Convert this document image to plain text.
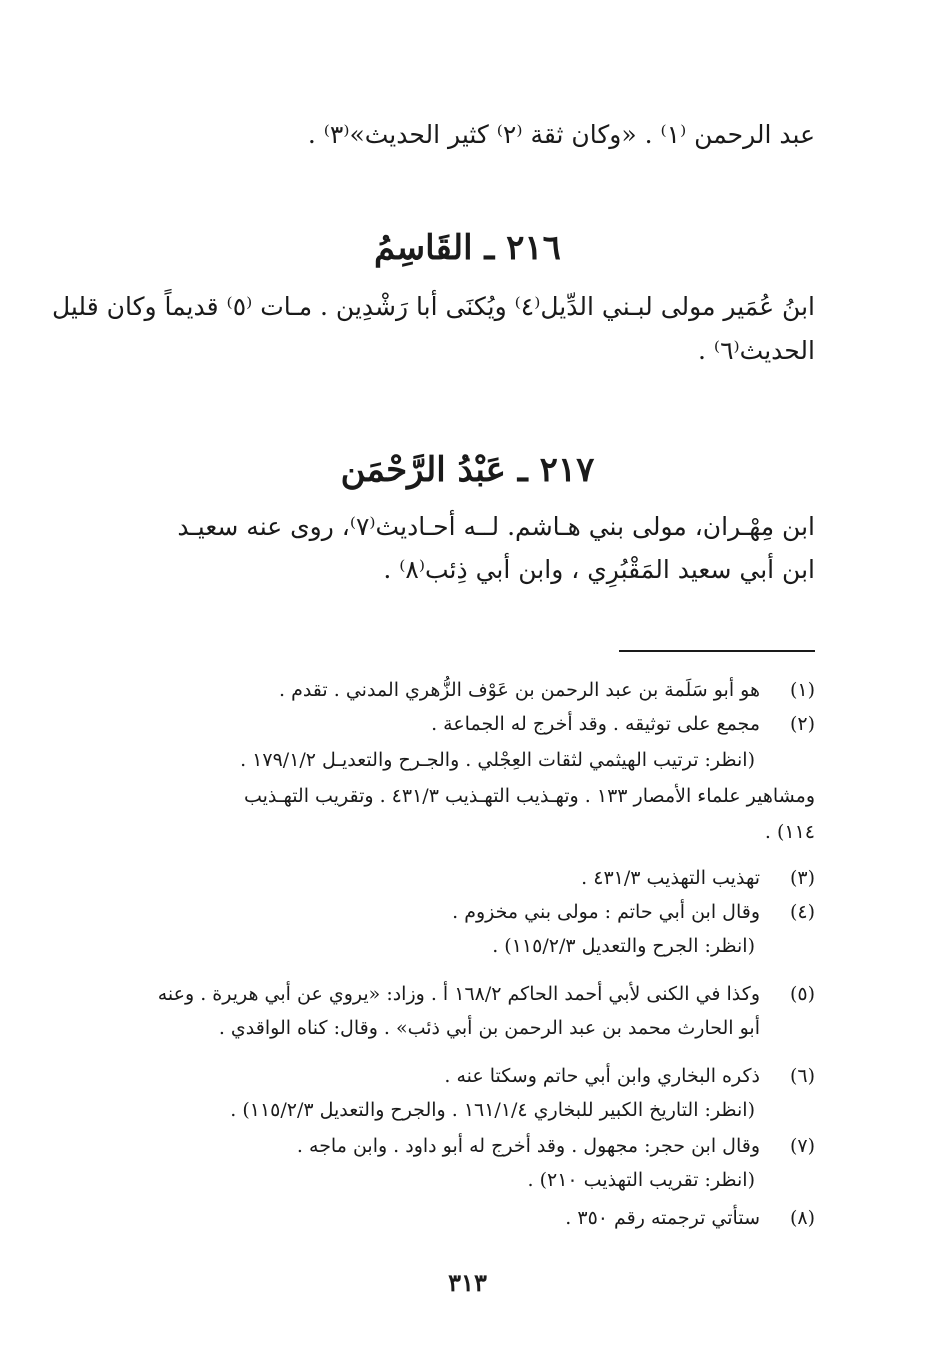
عبد الرحمن ⁽١⁾ . «وكان ثقة ⁽٢⁾ كثير الحديث»⁽٣⁾ .
٢١٦ ـ القَاسِمُ
ابنُ عُمَير مولى لبـني الدِّيل⁽٤⁾ ويُكنَى أبا رَشْدِين . مـات ⁽٥⁾ قديماً وكان قليل
الحديث⁽٦⁾ .
٢١٧ ـ عَبْدُ الرَّحْمَن
ابن مِهْـران، مولى بني هـاشم. لــه أحـاديث⁽٧⁾، روى عنه سعيـد
ابن أبي سعيد المَقْبُرِي ، وابن أبي ذِئب⁽٨⁾ .
(١)
هو أبو سَلَمة بن عبد الرحمن بن عَوْف الزُّهري المدني . تقدم .
(٢)
مجمع على توثيقه . وقد أخرج له الجماعة .
(انظر: ترتيب الهيثمي لثقات العِجْلي . والجـرح والتعديـل ١٧٩/١/٢ .
ومشاهير علماء الأمصار ١٣٣ . وتهـذيب التهـذيب ٤٣١/٣ . وتقريب التهـذيب
١١٤) .
(٣)
تهذيب التهذيب ٤٣١/٣ .
(٤)
وقال ابن أبي حاتم : مولى بني مخزوم .
(انظر: الجرح والتعديل ١١٥/٢/٣) .
(٥)
وكذا في الكنى لأبي أحمد الحاكم ١٦٨/٢ أ . وزاد: «يروي عن أبي هريرة . وعنه
أبو الحارث محمد بن عبد الرحمن بن أبي ذئب» . وقال: كناه الواقدي .
(٦)
ذكره البخاري وابن أبي حاتم وسكتا عنه .
(انظر: التاريخ الكبير للبخاري ١٦١/١/٤ . والجرح والتعديل ١١٥/٢/٣) .
(٧)
وقال ابن حجر: مجهول . وقد أخرج له أبو داود . وابن ماجه .
(انظر: تقريب التهذيب ٢١٠) .
(٨)
ستأتي ترجمته رقم ٣٥٠ .
٣١٣
